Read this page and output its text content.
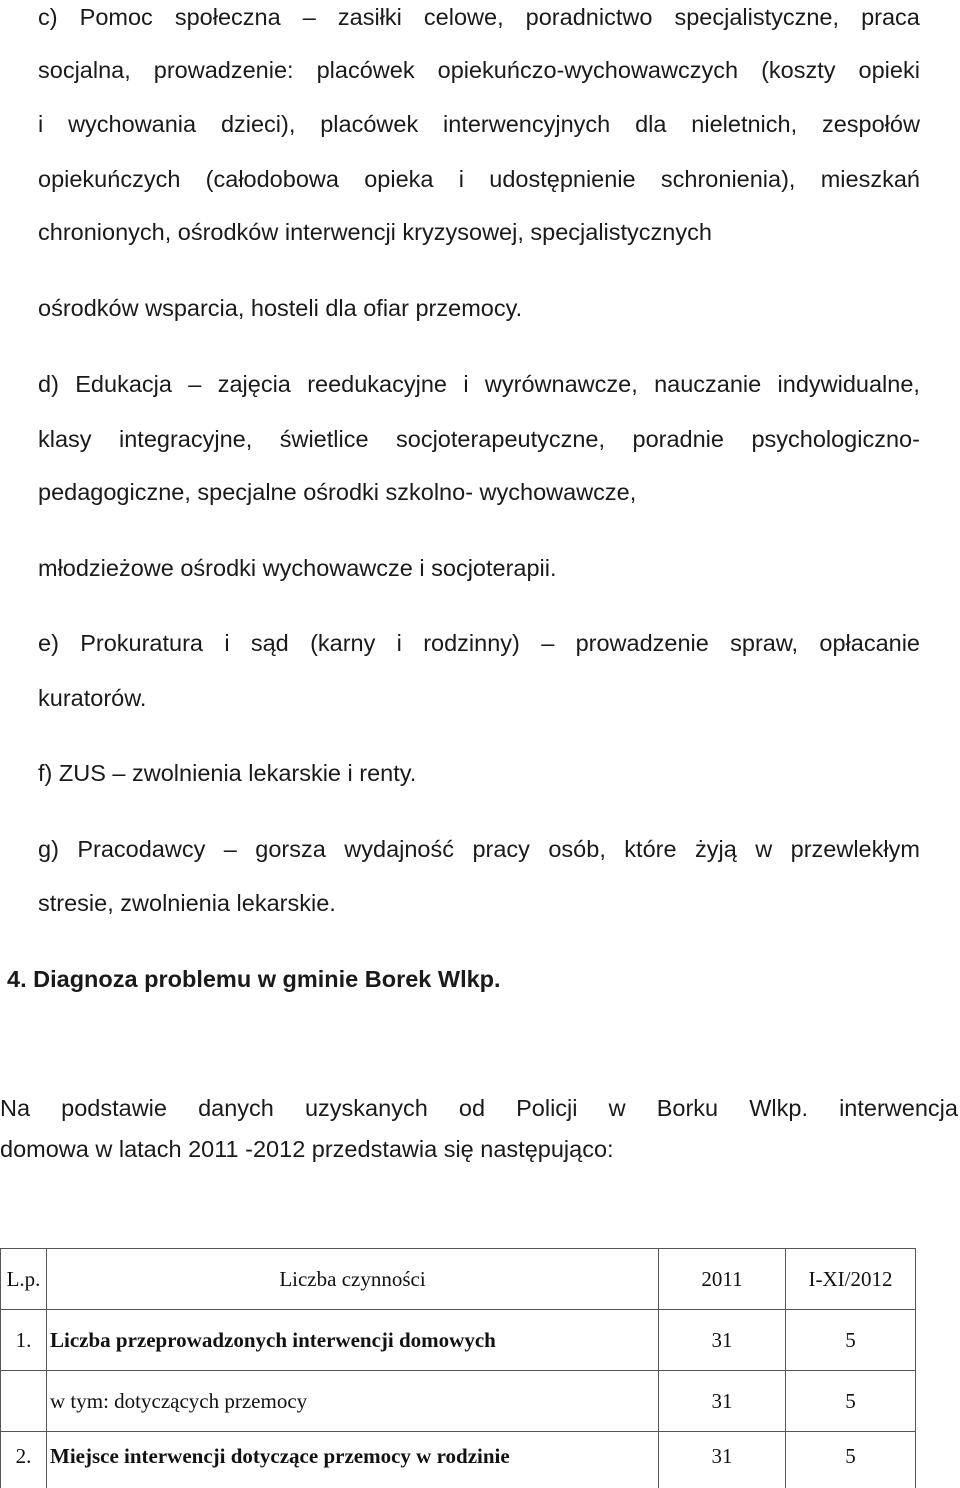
c) Pomoc społeczna – zasiłki celowe, poradnictwo specjalistyczne, praca
socjalna, prowadzenie: placówek opiekuńczo-wychowawczych (koszty opieki
i wychowania dzieci), placówek interwencyjnych dla nieletnich, zespołów
opiekuńczych (całodobowa opieka i udostępnienie schronienia), mieszkań
chronionych, ośrodków interwencji kryzysowej, specjalistycznych
ośrodków wsparcia, hosteli dla ofiar przemocy.
d) Edukacja – zajęcia reedukacyjne i wyrównawcze, nauczanie indywidualne,
klasy integracyjne, świetlice socjoterapeutyczne, poradnie psychologiczno-
pedagogiczne, specjalne ośrodki szkolno- wychowawcze,
młodzieżowe ośrodki wychowawcze i socjoterapii.
e) Prokuratura i sąd (karny i rodzinny) – prowadzenie spraw, opłacanie
kuratorów.
f) ZUS – zwolnienia lekarskie i renty.
g) Pracodawcy – gorsza wydajność pracy osób, które żyją w przewlekłym
stresie, zwolnienia lekarskie.
4. Diagnoza problemu w gminie Borek Wlkp.
Na podstawie danych uzyskanych od Policji w Borku Wlkp. interwencja
domowa w latach 2011 -2012 przedstawia się następująco:
L.p.	Liczba czynności	2011	I-XI/2012
1.	Liczba przeprowadzonych interwencji domowych	31	5
	w tym: dotyczących przemocy	31	5
2.	Miejsce interwencji dotyczące przemocy w rodzinie	31	5
